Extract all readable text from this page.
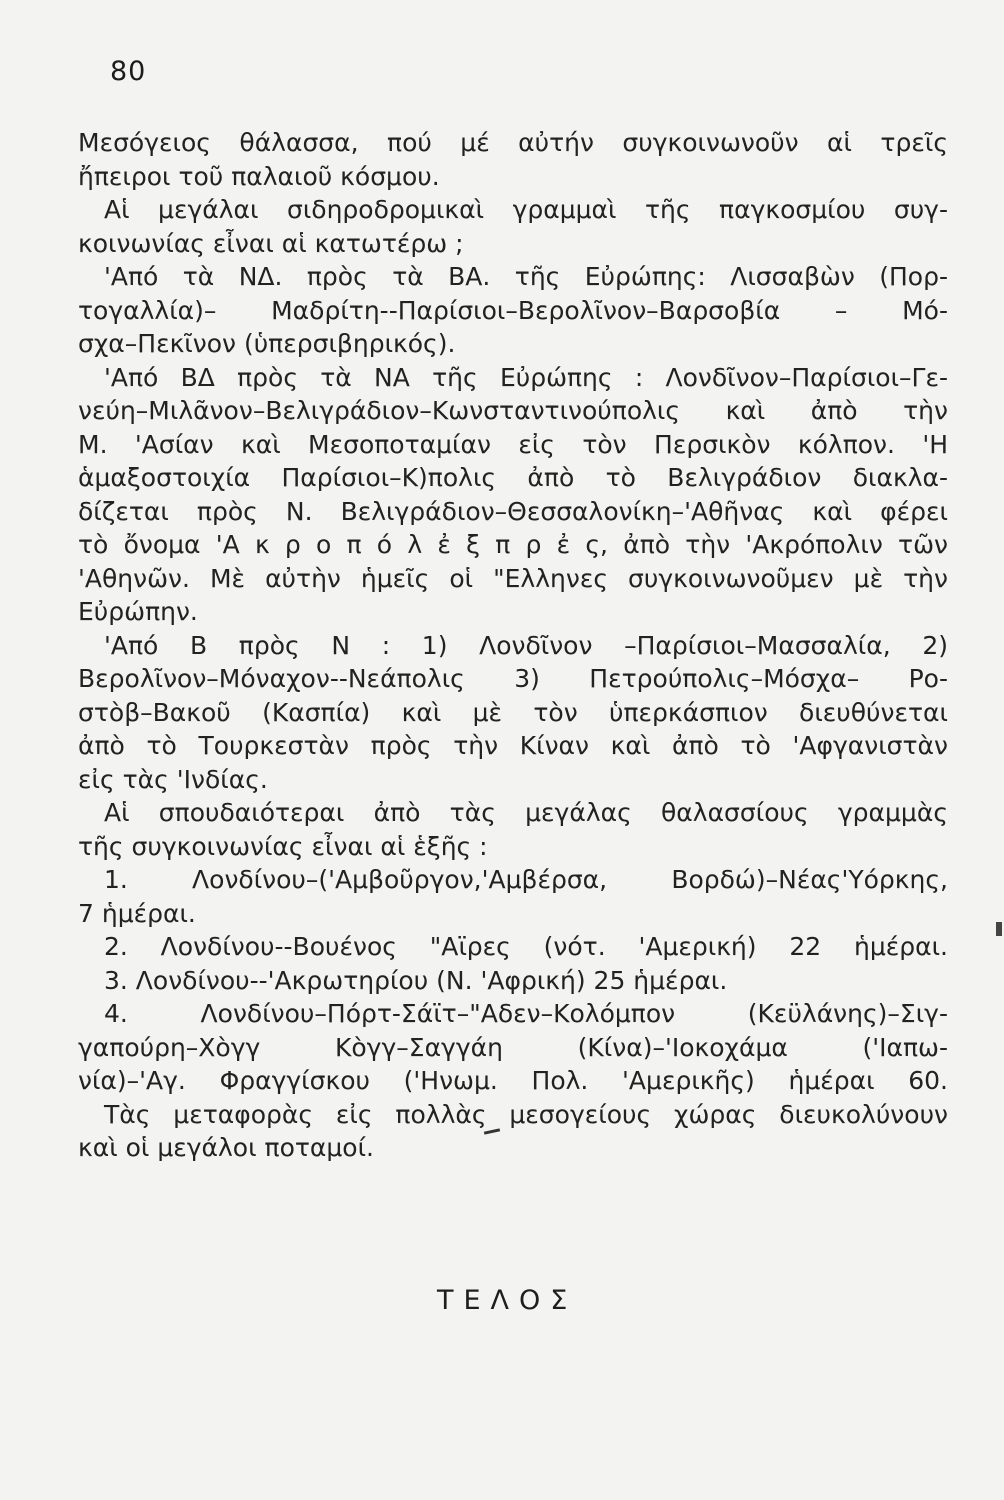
80
Μεσόγειος θάλασσα, πού μέ αὐτήν συγκοινωνοῦν αἱ τρεῖς
ἤπειροι τοῦ παλαιοῦ κόσμου.
Αἱ μεγάλαι σιδηροδρομικαὶ γραμμαὶ τῆς παγκοσμίου συγ-
κοινωνίας εἶναι αἱ κατωτέρω ;
'Από τὰ ΝΔ. πρὸς τὰ ΒΑ. τῆς Εὐρώπης: Λισσαβὼν (Πορ-
τογαλλία)– Μαδρίτη--Παρίσιοι–Βερολῖνον–Βαρσοβία – Μό-
σχα–Πεκῖνον (ὑπερσιβηρικός).
'Από ΒΔ πρὸς τὰ ΝΑ τῆς Εὐρώπης : Λονδῖνον–Παρίσιοι–Γε-
νεύη–Μιλᾶνον–Βελιγράδιον–Κωνσταντινούπολις καὶ ἀπὸ τὴν
Μ. 'Ασίαν καὶ Μεσοποταμίαν εἰς τὸν Περσικὸν κόλπον. 'Η
ἁμαξοστοιχία Παρίσιοι–Κ)πολις ἀπὸ τὸ Βελιγράδιον διακλα-
δίζεται πρὸς Ν. Βελιγράδιον–Θεσσαλονίκη–'Αθῆνας καὶ φέρει
τὸ ὄνομα 'Α κ ρ ο π ό λ ἐ ξ π ρ ἐ ς, ἀπὸ τὴν 'Ακρόπολιν τῶν
'Αθηνῶν. Μὲ αὐτὴν ἡμεῖς οἱ "Ελληνες συγκοινωνοῦμεν μὲ τὴν
Εὐρώπην.
'Από Β πρὸς Ν : 1) Λονδῖνον –Παρίσιοι–Μασσαλία, 2)
Βερολῖνον–Μόναχον--Νεάπολις 3) Πετρούπολις–Μόσχα– Ρο-
στὸβ–Βακοῦ (Κασπία) καὶ μὲ τὸν ὑπερκάσπιον διευθύνεται
ἀπὸ τὸ Τουρκεστὰν πρὸς τὴν Κίναν καὶ ἀπὸ τὸ 'Αφγανιστὰν
εἰς τὰς 'Ινδίας.
Αἱ σπουδαιότεραι ἀπὸ τὰς μεγάλας θαλασσίους γραμμὰς
τῆς συγκοινωνίας εἶναι αἱ ἑξῆς :
1. Λονδίνου–('Αμβοῦργον,'Αμβέρσα, Βορδώ)–Νέας'Υόρκης,
7 ἡμέραι.
2. Λονδίνου--Βουένος "Αϊρες (νότ. 'Αμερική) 22 ἡμέραι.
3. Λονδίνου--'Ακρωτηρίου (Ν. 'Αφρική) 25 ἡμέραι.
4. Λονδίνου–Πόρτ-Σάϊτ–"Αδεν–Κολόμπον (Κεϋλάνης)–Σιγ-
γαπούρη–Χὸγγ Κὸγγ–Σαγγάη (Κίνα)–'Ιοκοχάμα ('Ιαπω-
νία)–'Αγ. Φραγγίσκου ('Ηνωμ. Πολ. 'Αμερικῆς) ἡμέραι 60.
Τὰς μεταφορὰς εἰς πολλὰς μεσογείους χώρας διευκολύνουν
καὶ οἱ μεγάλοι ποταμοί.
ΤΕΛΟΣ
